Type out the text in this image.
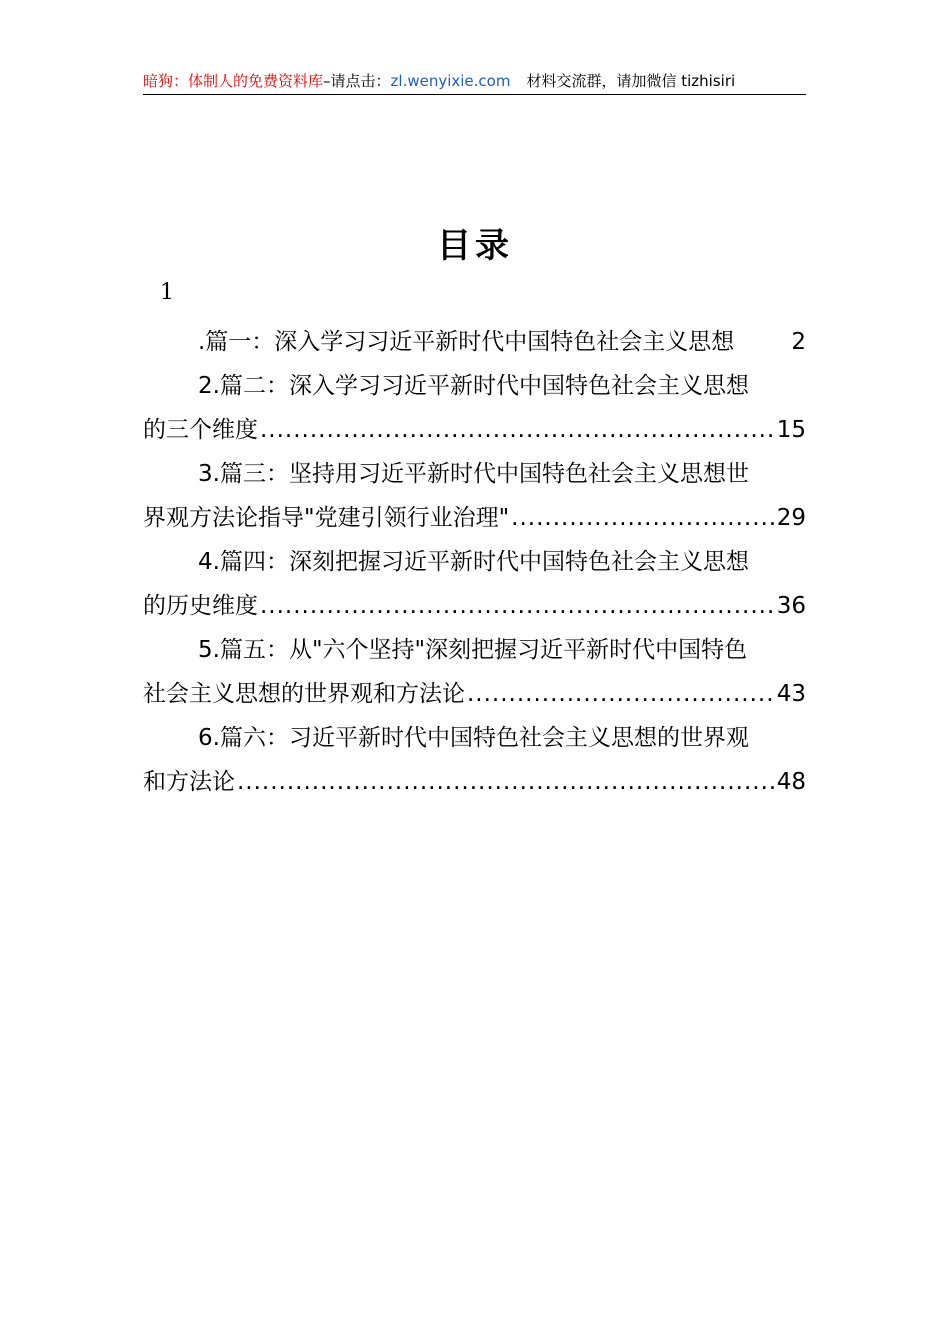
暗狗：体制人的免费资料库–请点击：zl.wenyixie.com 材料交流群，请加微信 tizhisiri
目录
1
.篇一：深入学习习近平新时代中国特色社会主义思想	2
2.篇二：深入学习习近平新时代中国特色社会主义思想
的三个维度 .....	15
3.篇三：坚持用习近平新时代中国特色社会主义思想世
界观方法论指导"党建引领行业治理" .....	29
4.篇四：深刻把握习近平新时代中国特色社会主义思想
的历史维度 .....	36
5.篇五：从"六个坚持"深刻把握习近平新时代中国特色
社会主义思想的世界观和方法论 .....	43
6.篇六：习近平新时代中国特色社会主义思想的世界观
和方法论 .....	48
